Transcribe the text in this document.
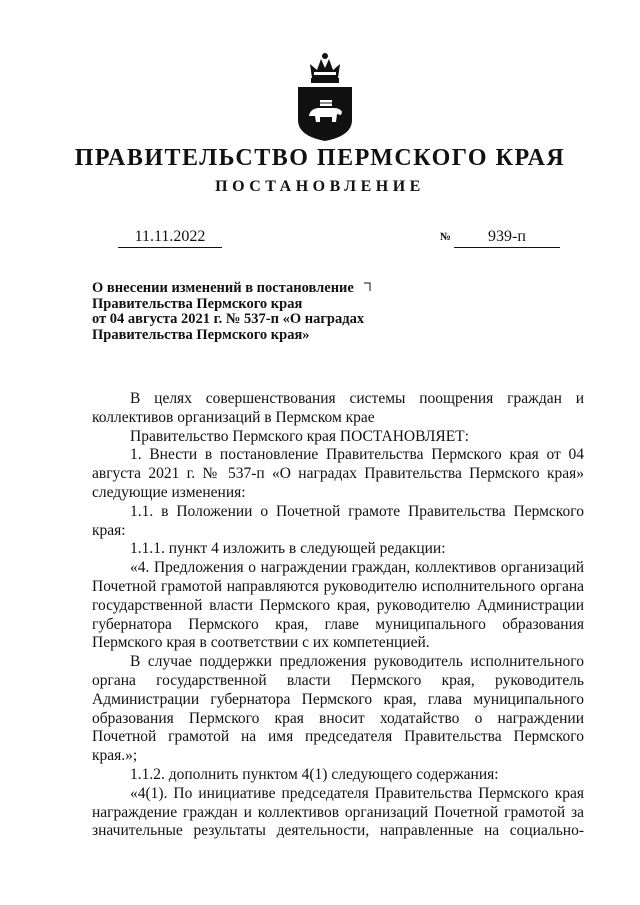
ПРАВИТЕЛЬСТВО ПЕРМСКОГО КРАЯ
ПОСТАНОВЛЕНИЕ
11.11.2022	№	939-п
О внесении изменений в постановление
Правительства Пермского края
от 04 августа 2021 г. № 537-п «О наградах
Правительства Пермского края»

В целях совершенствования системы поощрения граждан и коллективов организаций в Пермском крае

Правительство Пермского края ПОСТАНОВЛЯЕТ:

1. Внести в постановление Правительства Пермского края от 04 августа 2021 г. № 537-п «О наградах Правительства Пермского края» следующие изменения:

1.1. в Положении о Почетной грамоте Правительства Пермского края:

1.1.1. пункт 4 изложить в следующей редакции:

«4. Предложения о награждении граждан, коллективов организаций Почетной грамотой направляются руководителю исполнительного органа государственной власти Пермского края, руководителю Администрации губернатора Пермского края, главе муниципального образования Пермского края в соответствии с их компетенцией.

В случае поддержки предложения руководитель исполнительного органа государственной власти Пермского края, руководитель Администрации губернатора Пермского края, глава муниципального образования Пермского края вносит ходатайство о награждении Почетной грамотой на имя председателя Правительства Пермского края.»;

1.1.2. дополнить пунктом 4(1) следующего содержания:

«4(1). По инициативе председателя Правительства Пермского края награждение граждан и коллективов организаций Почетной грамотой за значительные результаты деятельности, направленные на социально-
